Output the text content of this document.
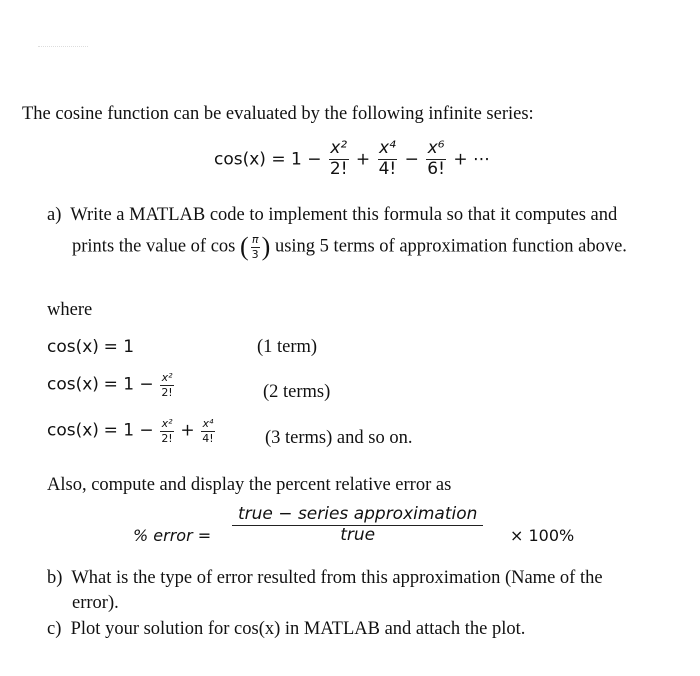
The cosine function can be evaluated by the following infinite series:
$\cos(x) = 1 - \frac{\text{x²}}{2!} + \frac{\text{x⁴}}{4!} - \frac{\text{x⁶}}{6!}$ + ⋯
a) Write a MATLAB code to implement this formula so that it computes and
prints the value of cos ( $\frac{\pi}{3}$ ) using 5 terms of approximation function above.
where
cos(x) = 1	(1 term)
$\cos(x) = 1 - \frac{\text{x²}}{2!}$	(2 terms)
$\cos(x) = 1 - \frac{\text{x²}}{2!} + \frac{\text{x⁴}}{4!}$	(3 terms) and so on.
Also, compute and display the percent relative error as
% error = $\frac{\text{true − series approximation}}{\text{true}} \times 100\%$
b) What is the type of error resulted from this approximation (Name of the
error).
c) Plot your solution for cos(x) in MATLAB and attach the plot.
